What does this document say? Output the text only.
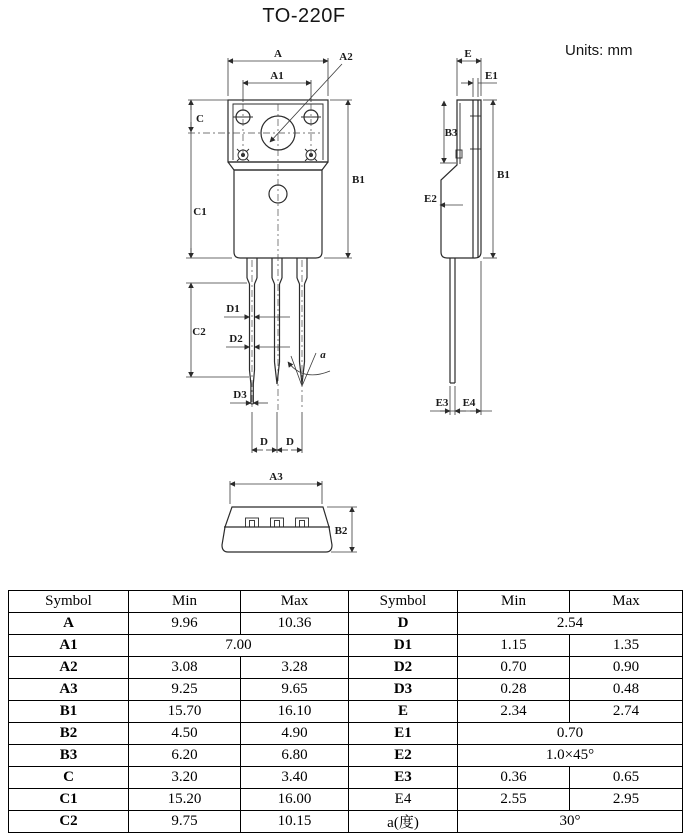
TO-220F
Units: mm
A
A1
A2
C
C1
B1
C2
D1
D2
D3
D D
a
E
E1
B3
E2
B1
E3 E4
A3
B2
Symbol	Min	Max	Symbol	Min	Max
A	9.96	10.36	D	2.54	
A1	7.00		D1	1.15	1.35
A2	3.08	3.28	D2	0.70	0.90
A3	9.25	9.65	D3	0.28	0.48
B1	15.70	16.10	E	2.34	2.74
B2	4.50	4.90	E1	0.70	
B3	6.20	6.80	E2	1.0×45°	
C	3.20	3.40	E3	0.36	0.65
C1	15.20	16.00	E4	2.55	2.95
C2	9.75	10.15	a(度)	30°	
